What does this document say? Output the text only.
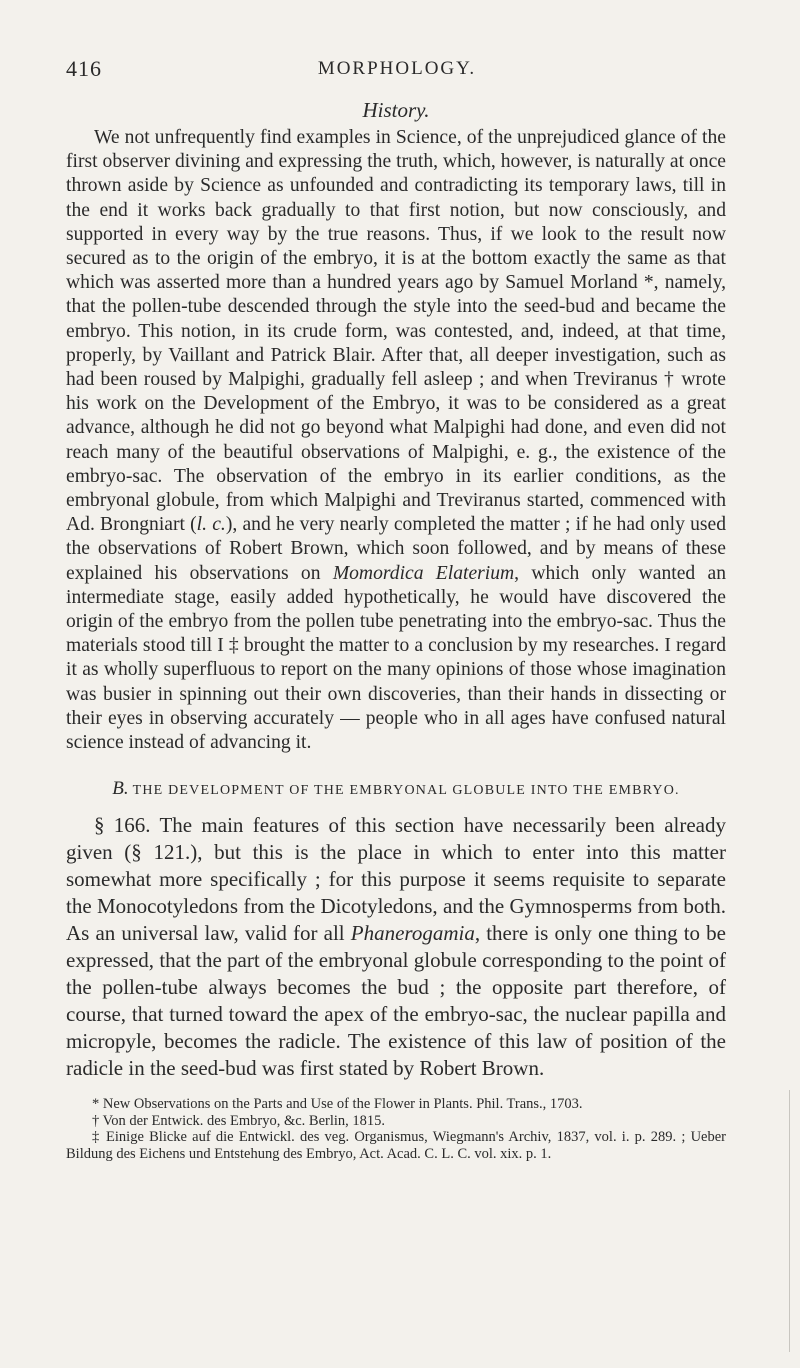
416	MORPHOLOGY.
History.

We not unfrequently find examples in Science, of the unprejudiced glance of the first observer divining and expressing the truth, which, however, is naturally at once thrown aside by Science as unfounded and contradicting its temporary laws, till in the end it works back gradually to that first notion, but now consciously, and supported in every way by the true reasons. Thus, if we look to the result now secured as to the origin of the embryo, it is at the bottom exactly the same as that which was asserted more than a hundred years ago by Samuel Morland *, namely, that the pollen-tube descended through the style into the seed-bud and became the embryo. This notion, in its crude form, was contested, and, indeed, at that time, properly, by Vaillant and Patrick Blair. After that, all deeper investigation, such as had been roused by Malpighi, gradually fell asleep ; and when Treviranus † wrote his work on the Development of the Embryo, it was to be considered as a great advance, although he did not go beyond what Malpighi had done, and even did not reach many of the beautiful observations of Malpighi, e. g., the existence of the embryo-sac. The observation of the embryo in its earlier conditions, as the embryonal globule, from which Malpighi and Treviranus started, commenced with Ad. Brongniart (l. c.), and he very nearly completed the matter ; if he had only used the observations of Robert Brown, which soon followed, and by means of these explained his observations on Momordica Elaterium, which only wanted an intermediate stage, easily added hypothetically, he would have discovered the origin of the embryo from the pollen tube penetrating into the embryo-sac. Thus the materials stood till I ‡ brought the matter to a conclusion by my researches. I regard it as wholly superfluous to report on the many opinions of those whose imagination was busier in spinning out their own discoveries, than their hands in dissecting or their eyes in observing accurately — people who in all ages have confused natural science instead of advancing it.

B. THE DEVELOPMENT OF THE EMBRYONAL GLOBULE INTO THE EMBRYO.

§ 166. The main features of this section have necessarily been already given (§ 121.), but this is the place in which to enter into this matter somewhat more specifically ; for this purpose it seems requisite to separate the Monocotyledons from the Dicotyledons, and the Gymnosperms from both. As an universal law, valid for all Phanerogamia, there is only one thing to be expressed, that the part of the embryonal globule corresponding to the point of the pollen-tube always becomes the bud ; the opposite part therefore, of course, that turned toward the apex of the embryo-sac, the nuclear papilla and micropyle, becomes the radicle. The existence of this law of position of the radicle in the seed-bud was first stated by Robert Brown.

* New Observations on the Parts and Use of the Flower in Plants. Phil. Trans., 1703.

† Von der Entwick. des Embryo, &c. Berlin, 1815.

‡ Einige Blicke auf die Entwickl. des veg. Organismus, Wiegmann's Archiv, 1837, vol. i. p. 289. ; Ueber Bildung des Eichens und Entstehung des Embryo, Act. Acad. C. L. C. vol. xix. p. 1.
